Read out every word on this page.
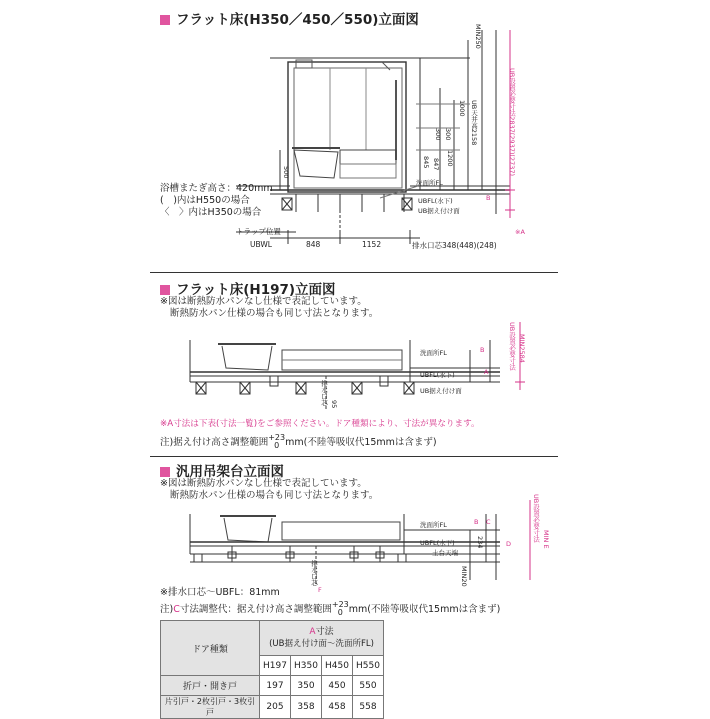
フラット床(H350／450／550)立面図
MIN250
1000
300 300
845 847 1200
UB天井高2158	UB設置必要寸法2837(2937)(2737)
※A
B
500
洗面所FL
UBFL(水下)
UB据え付け面
浴槽またぎ高さ：420mm
(　)内はH550の場合
〈　〉内はH350の場合
トラップ位置
UBWL	848	1152	排水口芯348(448)(248)
フラット床(H197)立面図
※図は断熱防水パンなし仕様で表記しています。
断熱防水パン仕様の場合も同じ寸法となります。
洗面所FL
UBFL(水下)
UB据え付け面
B
A
UB設置必要寸法 MIN2584
排水口芯 95
※A寸法は下表(寸法一覧)をご参照ください。ドア種類により、寸法が異なります。
注)据え付け高さ調整範囲+23
0 mm(不陸等吸収代15mmは含まず)
汎用吊架台立面図
※図は断熱防水パンなし仕様で表記しています。
断熱防水パン仕様の場合も同じ寸法となります。
洗面所FL
UBFL(水下)
土台天端
C
B
D
234
MIN20
UB設置必要寸法 MIN E
排水口芯
F
※排水口芯～UBFL：81mm
注)C寸法調整代：据え付け高さ調整範囲+23
0 mm(不陸等吸収代15mmは含まず)
ドア種類	A寸法
(UB据え付け面～洗面所FL)			
	H197	H350	H450	H550
折戸・開き戸	197	350	450	550
片引戸・2枚引戸・3枚引戸	205	358	458	558
